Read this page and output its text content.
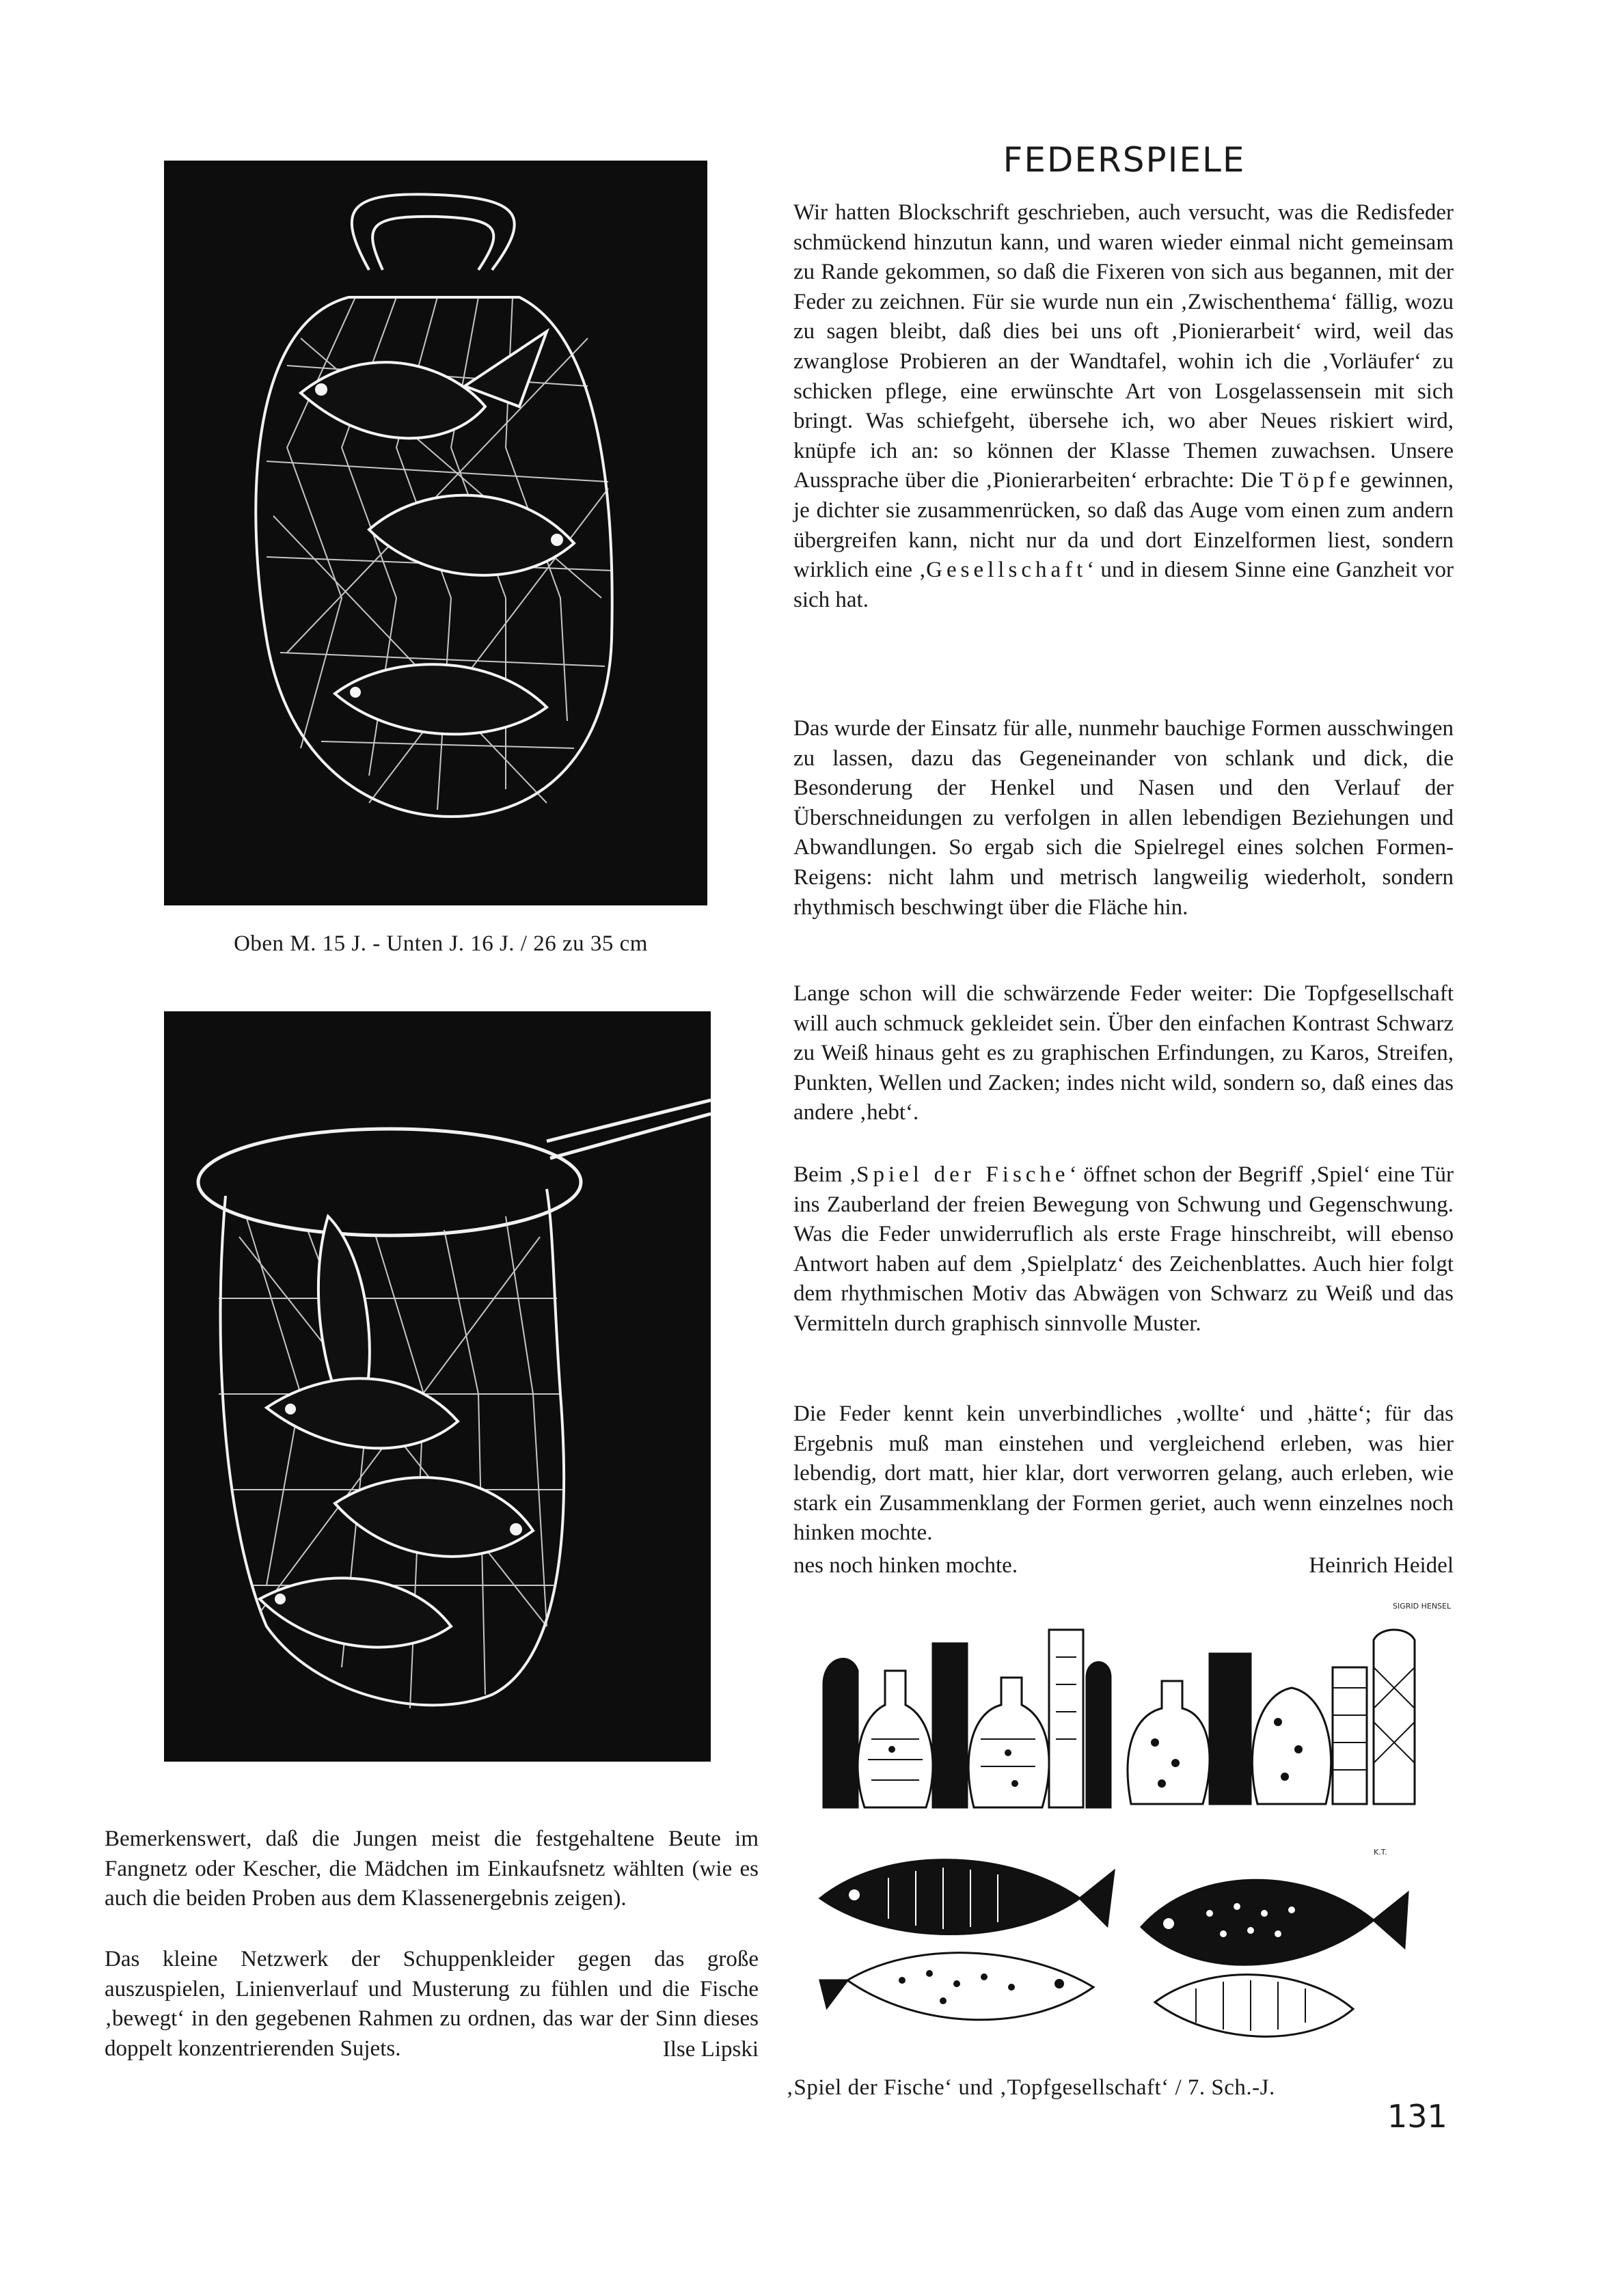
Oben M. 15 J. - Unten J. 16 J. / 26 zu 35 cm

Bemerkenswert, daß die Jungen meist die festgehaltene Beute im Fangnetz oder Kescher, die Mädchen im Einkaufsnetz wählten (wie es auch die beiden Proben aus dem Klassenergebnis zeigen).

Das kleine Netzwerk der Schuppenkleider gegen das große auszuspielen, Linienverlauf und Musterung zu fühlen und die Fische ‚bewegt‘ in den gegebenen Rahmen zu ordnen, das war der Sinn dieses doppelt konzentrierenden Sujets.	Ilse Lipski
FEDERSPIELE

Wir hatten Blockschrift geschrieben, auch versucht, was die Redisfeder schmückend hinzutun kann, und waren wieder einmal nicht gemeinsam zu Rande gekommen, so daß die Fixeren von sich aus begannen, mit der Feder zu zeichnen. Für sie wurde nun ein ‚Zwischenthema‘ fällig, wozu zu sagen bleibt, daß dies bei uns oft ‚Pionierarbeit‘ wird, weil das zwanglose Probieren an der Wandtafel, wohin ich die ‚Vorläufer‘ zu schicken pflege, eine erwünschte Art von Losgelassensein mit sich bringt. Was schiefgeht, übersehe ich, wo aber Neues riskiert wird, knüpfe ich an: so können der Klasse Themen zuwachsen. Unsere Aussprache über die ‚Pionierarbeiten‘ erbrachte: Die Töpfe gewinnen, je dichter sie zusammenrücken, so daß das Auge vom einen zum andern übergreifen kann, nicht nur da und dort Einzelformen liest, sondern wirklich eine ‚Gesellschaft‘ und in diesem Sinne eine Ganzheit vor sich hat.

Das wurde der Einsatz für alle, nunmehr bauchige Formen ausschwingen zu lassen, dazu das Gegeneinander von schlank und dick, die Besonderung der Henkel und Nasen und den Verlauf der Überschneidungen zu verfolgen in allen lebendigen Beziehungen und Abwandlungen. So ergab sich die Spielregel eines solchen Formen-Reigens: nicht lahm und metrisch langweilig wiederholt, sondern rhythmisch beschwingt über die Fläche hin.

Lange schon will die schwärzende Feder weiter: Die Topfgesellschaft will auch schmuck gekleidet sein. Über den einfachen Kontrast Schwarz zu Weiß hinaus geht es zu graphischen Erfindungen, zu Karos, Streifen, Punkten, Wellen und Zacken; indes nicht wild, sondern so, daß eines das andere ‚hebt‘.

Beim ‚Spiel der Fische‘ öffnet schon der Begriff ‚Spiel‘ eine Tür ins Zauberland der freien Bewegung von Schwung und Gegenschwung. Was die Feder unwiderruflich als erste Frage hinschreibt, will ebenso Antwort haben auf dem ‚Spielplatz‘ des Zeichenblattes. Auch hier folgt dem rhythmischen Motiv das Abwägen von Schwarz zu Weiß und das Vermitteln durch graphisch sinnvolle Muster.

Die Feder kennt kein unverbindliches ‚wollte‘ und ‚hätte‘; für das Ergebnis muß man einstehen und vergleichend erleben, was hier lebendig, dort matt, hier klar, dort verworren gelang, auch erleben, wie stark ein Zusammenklang der Formen geriet, auch wenn einzelnes noch hinken mochte.

nes noch hinken mochte.	Heinrich Heidel
SIGRID HENSEL
K.T.
‚Spiel der Fische‘ und ‚Topfgesellschaft‘ / 7. Sch.-J.
131
